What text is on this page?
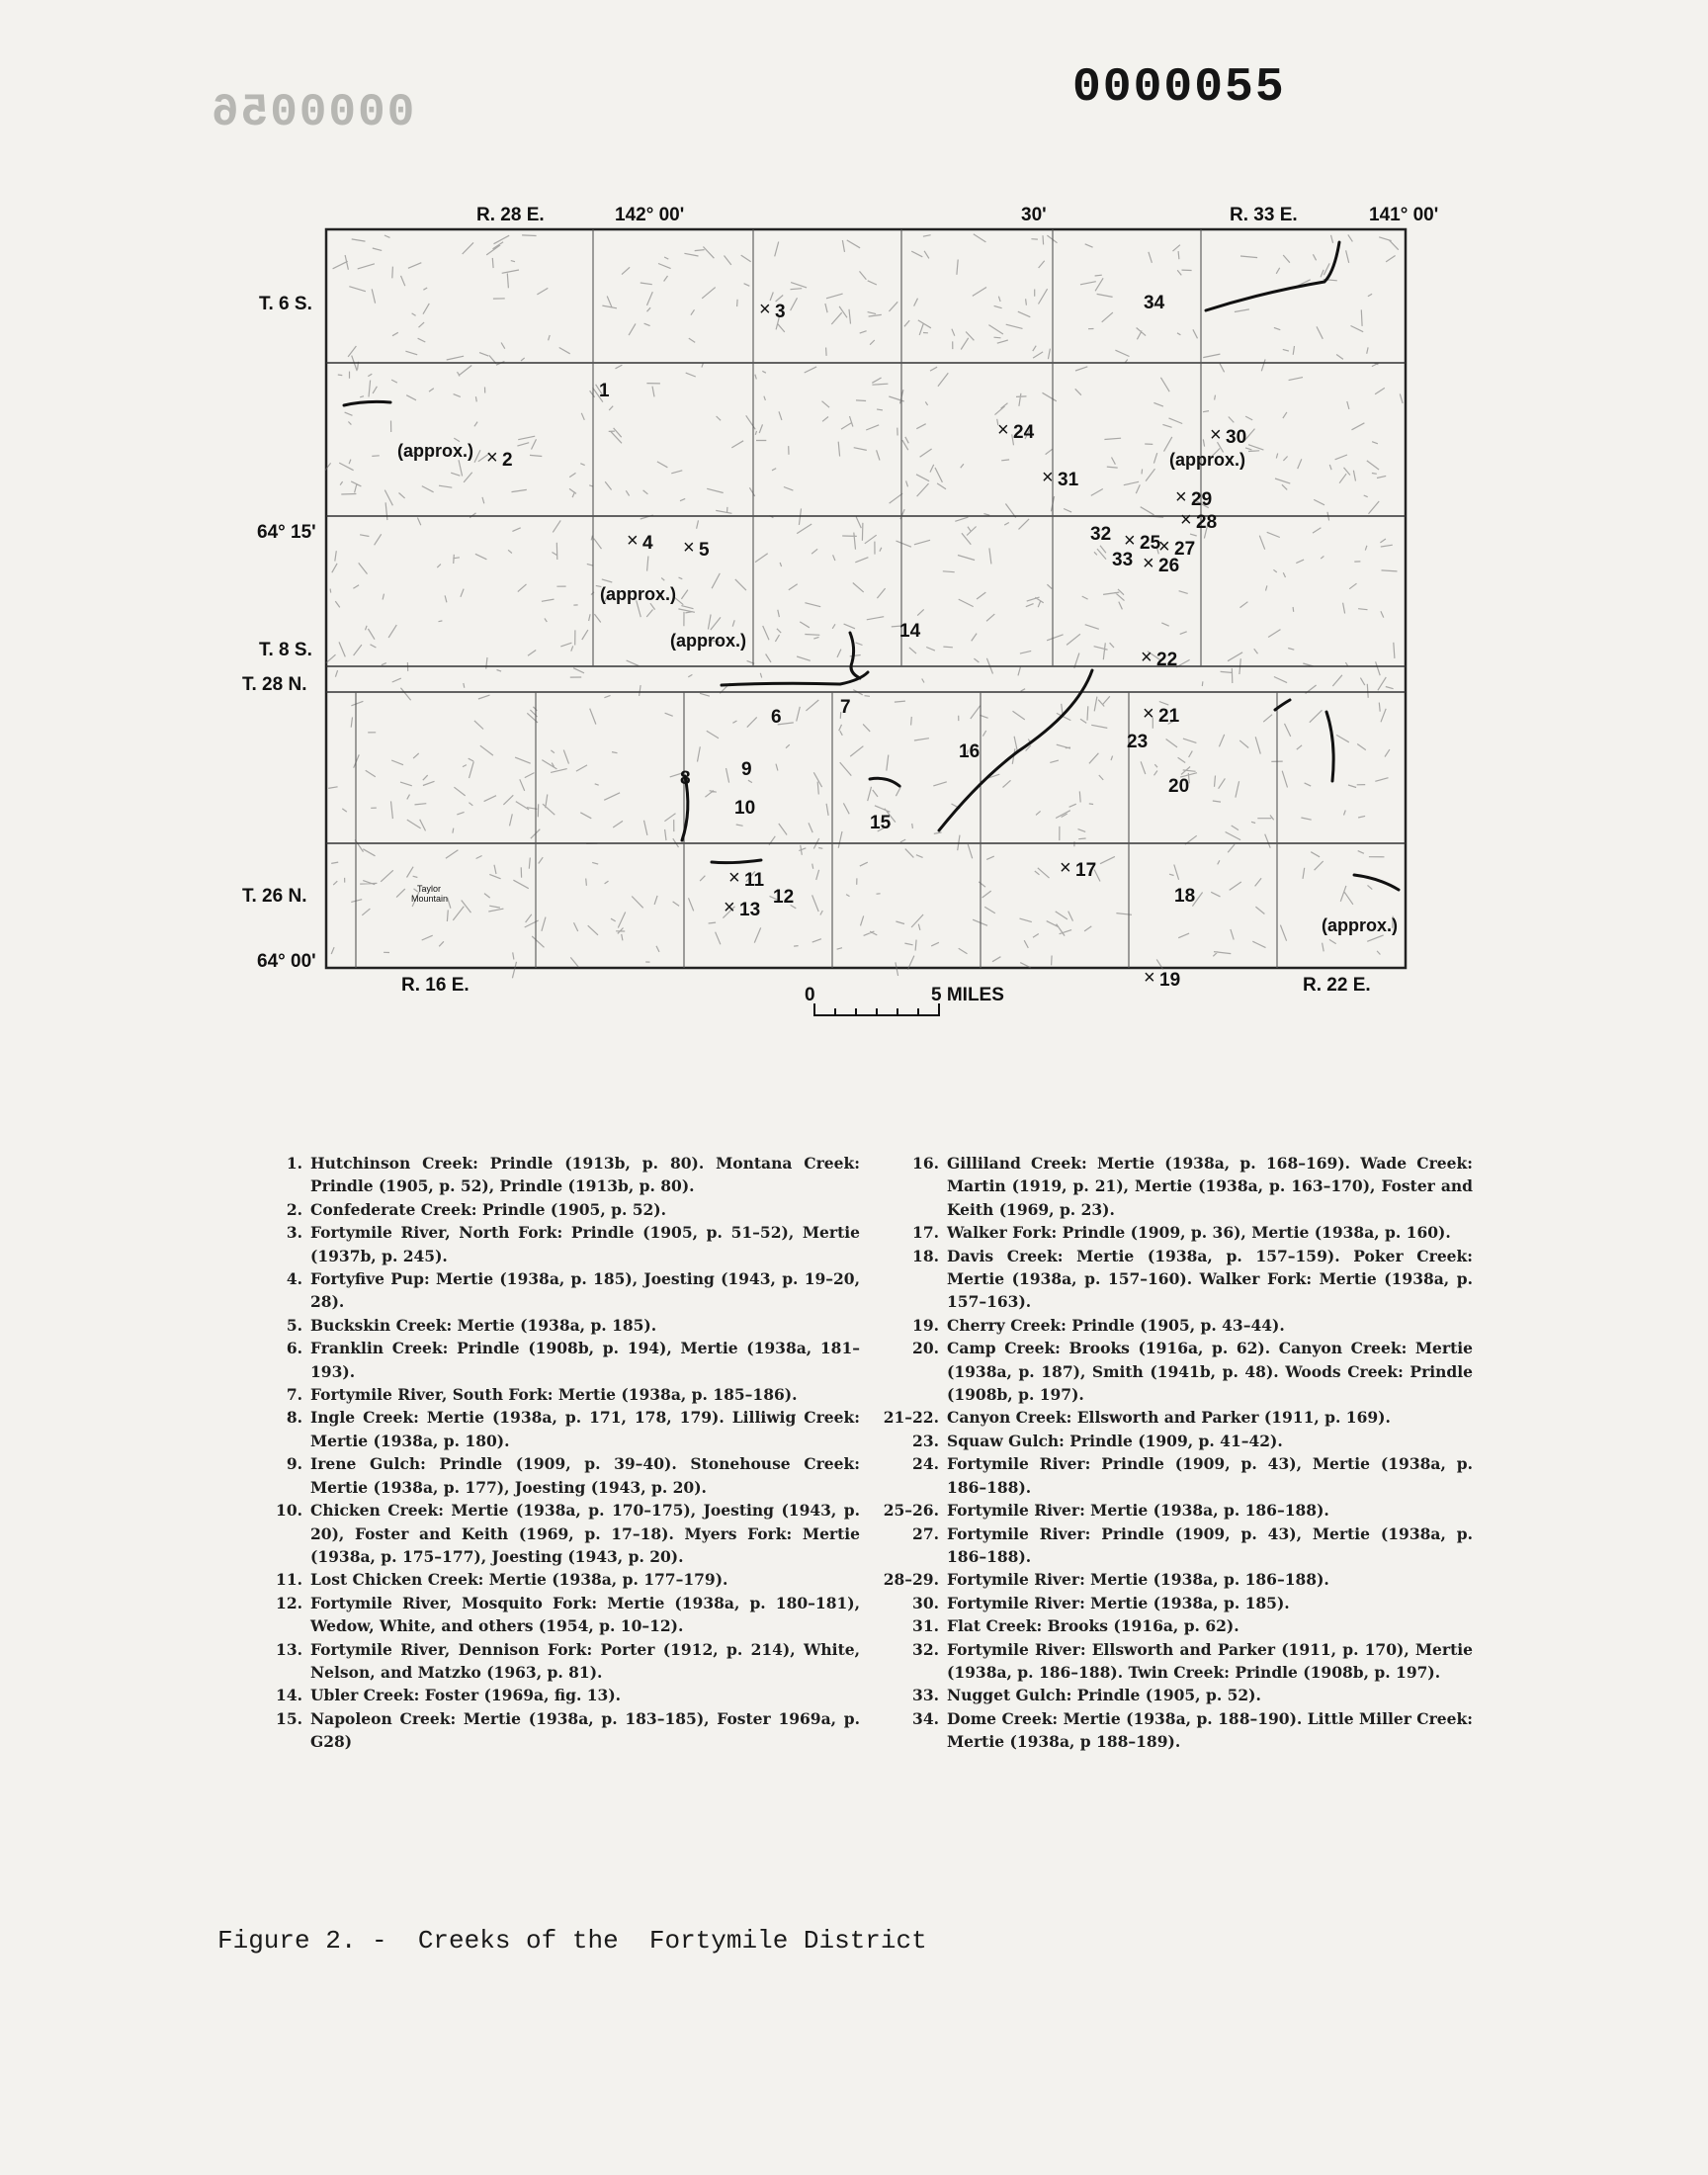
0000055
0000056
R. 28 E.	142° 00'	30'	R. 33 E.	141° 00'
T. 6 S.
64° 15'
T. 8 S.
T. 28 N.
T. 26 N.
64° 00'
R. 16 E.	R. 22 E.
0	5 MILES
(approx.)
(approx.)
(approx.)
(approx.)
(approx.)
Taylor
Mountain
1
× 2
× 3
× 4 × 5
6	7
8	9
10
× 11
12
× 13
14
15
16
× 17
18
× 19
20
× 21
× 22
23
× 24
× 25
× 26
× 27
× 28
× 29
× 30
× 31
32
33
34

1. Hutchinson Creek: Prindle (1913b, p. 80). Montana Creek: Prindle (1905, p. 52), Prindle (1913b, p. 80).

2. Confederate Creek: Prindle (1905, p. 52).

3. Fortymile River, North Fork: Prindle (1905, p. 51–52), Mertie (1937b, p. 245).

4. Fortyfive Pup: Mertie (1938a, p. 185), Joesting (1943, p. 19–20, 28).

5. Buckskin Creek: Mertie (1938a, p. 185).

6. Franklin Creek: Prindle (1908b, p. 194), Mertie (1938a, 181–193).

7. Fortymile River, South Fork: Mertie (1938a, p. 185–186).

8. Ingle Creek: Mertie (1938a, p. 171, 178, 179). Lilliwig Creek: Mertie (1938a, p. 180).

9. Irene Gulch: Prindle (1909, p. 39–40). Stonehouse Creek: Mertie (1938a, p. 177), Joesting (1943, p. 20).

10. Chicken Creek: Mertie (1938a, p. 170–175), Joesting (1943, p. 20), Foster and Keith (1969, p. 17–18). Myers Fork: Mertie (1938a, p. 175–177), Joesting (1943, p. 20).

11. Lost Chicken Creek: Mertie (1938a, p. 177–179).

12. Fortymile River, Mosquito Fork: Mertie (1938a, p. 180–181), Wedow, White, and others (1954, p. 10–12).

13. Fortymile River, Dennison Fork: Porter (1912, p. 214), White, Nelson, and Matzko (1963, p. 81).

14. Ubler Creek: Foster (1969a, fig. 13).

15. Napoleon Creek: Mertie (1938a, p. 183–185), Foster 1969a, p. G28)

16. Gilliland Creek: Mertie (1938a, p. 168–169). Wade Creek: Martin (1919, p. 21), Mertie (1938a, p. 163–170), Foster and Keith (1969, p. 23).

17. Walker Fork: Prindle (1909, p. 36), Mertie (1938a, p. 160).

18. Davis Creek: Mertie (1938a, p. 157–159). Poker Creek: Mertie (1938a, p. 157–160). Walker Fork: Mertie (1938a, p. 157–163).

19. Cherry Creek: Prindle (1905, p. 43–44).

20. Camp Creek: Brooks (1916a, p. 62). Canyon Creek: Mertie (1938a, p. 187), Smith (1941b, p. 48). Woods Creek: Prindle (1908b, p. 197).

21–22. Canyon Creek: Ellsworth and Parker (1911, p. 169).

23. Squaw Gulch: Prindle (1909, p. 41–42).

24. Fortymile River: Prindle (1909, p. 43), Mertie (1938a, p. 186–188).

25–26. Fortymile River: Mertie (1938a, p. 186–188).

27. Fortymile River: Prindle (1909, p. 43), Mertie (1938a, p. 186–188).

28–29. Fortymile River: Mertie (1938a, p. 186–188).

30. Fortymile River: Mertie (1938a, p. 185).

31. Flat Creek: Brooks (1916a, p. 62).

32. Fortymile River: Ellsworth and Parker (1911, p. 170), Mertie (1938a, p. 186–188). Twin Creek: Prindle (1908b, p. 197).

33. Nugget Gulch: Prindle (1905, p. 52).

34. Dome Creek: Mertie (1938a, p. 188–190). Little Miller Creek: Mertie (1938a, p 188–189).

Figure 2. -  Creeks of the  Fortymile District
